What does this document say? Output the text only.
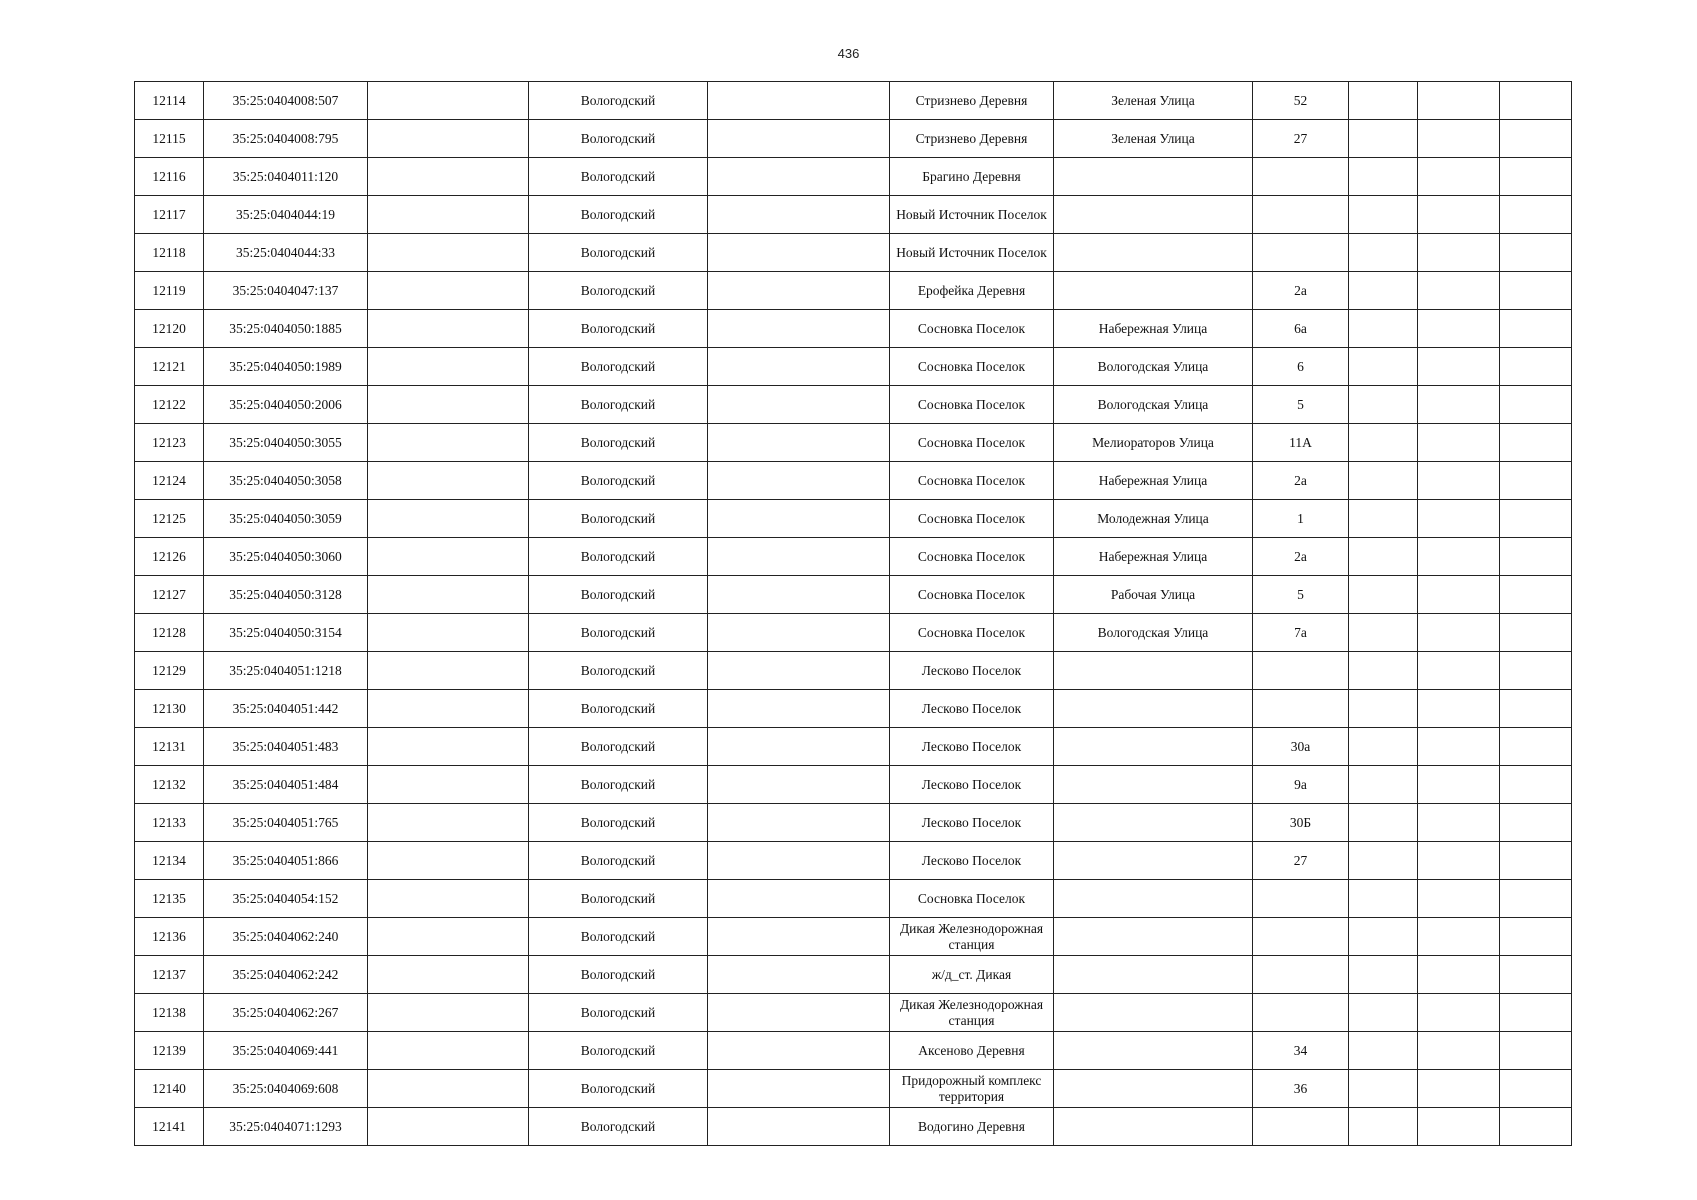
436
12114	35:25:0404008:507		Вологодский		Стризнево Деревня	Зеленая Улица	52			
12115	35:25:0404008:795		Вологодский		Стризнево Деревня	Зеленая Улица	27			
12116	35:25:0404011:120		Вологодский		Брагино Деревня					
12117	35:25:0404044:19		Вологодский		Новый Источник Поселок					
12118	35:25:0404044:33		Вологодский		Новый Источник Поселок					
12119	35:25:0404047:137		Вологодский		Ерофейка Деревня		2а			
12120	35:25:0404050:1885		Вологодский		Сосновка Поселок	Набережная Улица	6а			
12121	35:25:0404050:1989		Вологодский		Сосновка Поселок	Вологодская Улица	6			
12122	35:25:0404050:2006		Вологодский		Сосновка Поселок	Вологодская Улица	5			
12123	35:25:0404050:3055		Вологодский		Сосновка Поселок	Мелиораторов Улица	11А			
12124	35:25:0404050:3058		Вологодский		Сосновка Поселок	Набережная Улица	2а			
12125	35:25:0404050:3059		Вологодский		Сосновка Поселок	Молодежная Улица	1			
12126	35:25:0404050:3060		Вологодский		Сосновка Поселок	Набережная Улица	2а			
12127	35:25:0404050:3128		Вологодский		Сосновка Поселок	Рабочая Улица	5			
12128	35:25:0404050:3154		Вологодский		Сосновка Поселок	Вологодская Улица	7а			
12129	35:25:0404051:1218		Вологодский		Лесково Поселок					
12130	35:25:0404051:442		Вологодский		Лесково Поселок					
12131	35:25:0404051:483		Вологодский		Лесково Поселок		30а			
12132	35:25:0404051:484		Вологодский		Лесково Поселок		9а			
12133	35:25:0404051:765		Вологодский		Лесково Поселок		30Б			
12134	35:25:0404051:866		Вологодский		Лесково Поселок		27			
12135	35:25:0404054:152		Вологодский		Сосновка Поселок					
12136	35:25:0404062:240		Вологодский		Дикая Железнодорожная станция					
12137	35:25:0404062:242		Вологодский		ж/д_ст. Дикая					
12138	35:25:0404062:267		Вологодский		Дикая Железнодорожная станция					
12139	35:25:0404069:441		Вологодский		Аксеново Деревня		34			
12140	35:25:0404069:608		Вологодский		Придорожный комплекс территория		36			
12141	35:25:0404071:1293		Вологодский		Водогино Деревня					
